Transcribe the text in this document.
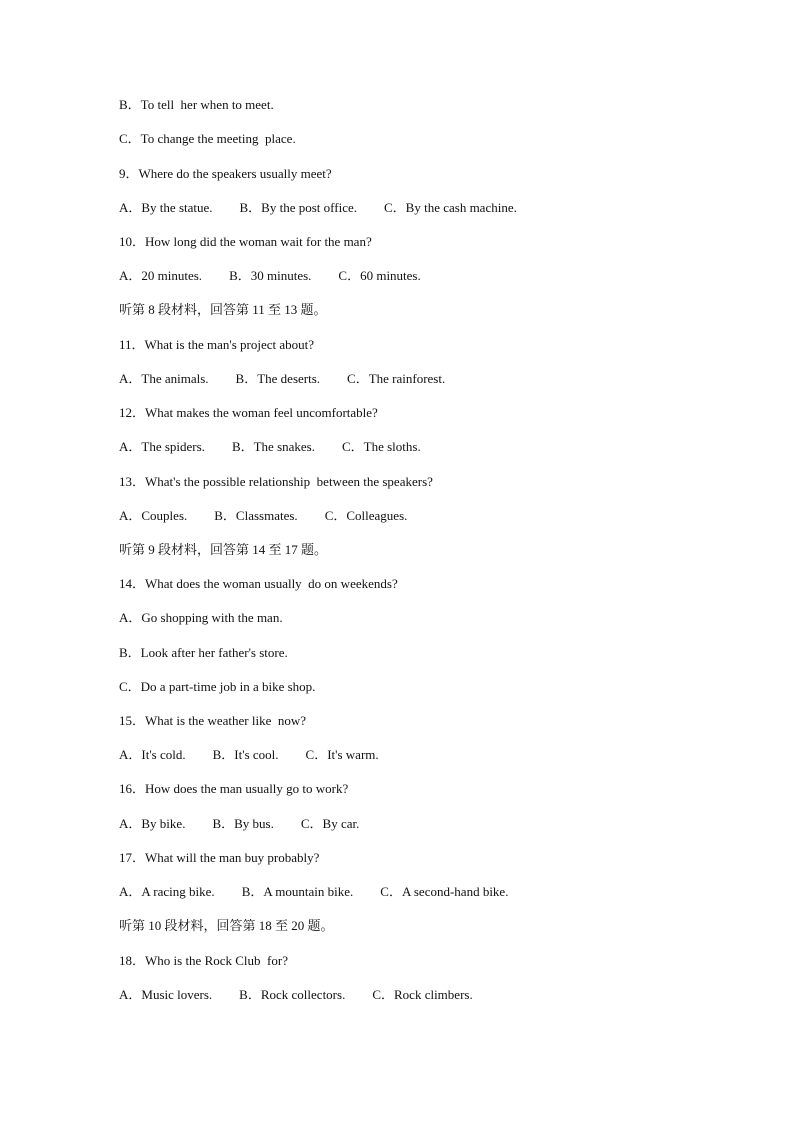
B．To tell  her when to meet.
C．To change the meeting  place.
9．Where do the speakers usually meet?
A．By the statue. B．By the post office. C．By the cash machine.
10．How long did the woman wait for the man?
A．20 minutes. B．30 minutes. C．60 minutes.
听第 8 段材料，回答第 11 至 13 题。
11．What is the man's project about?
A．The animals. B．The deserts. C．The rainforest.
12．What makes the woman feel uncomfortable?
A．The spiders. B．The snakes. C．The sloths.
13．What's the possible relationship  between the speakers?
A．Couples. B．Classmates. C．Colleagues.
听第 9 段材料，回答第 14 至 17 题。
14．What does the woman usually  do on weekends?
A．Go shopping with the man.
B．Look after her father's store.
C．Do a part-time job in a bike shop.
15．What is the weather like  now?
A．It's cold. B．It's cool. C．It's warm.
16．How does the man usually go to work?
A．By bike. B．By bus. C．By car.
17．What will the man buy probably?
A．A racing bike. B．A mountain bike. C．A second-hand bike.
听第 10 段材料，回答第 18 至 20 题。
18．Who is the Rock Club  for?
A．Music lovers. B．Rock collectors. C．Rock climbers.
